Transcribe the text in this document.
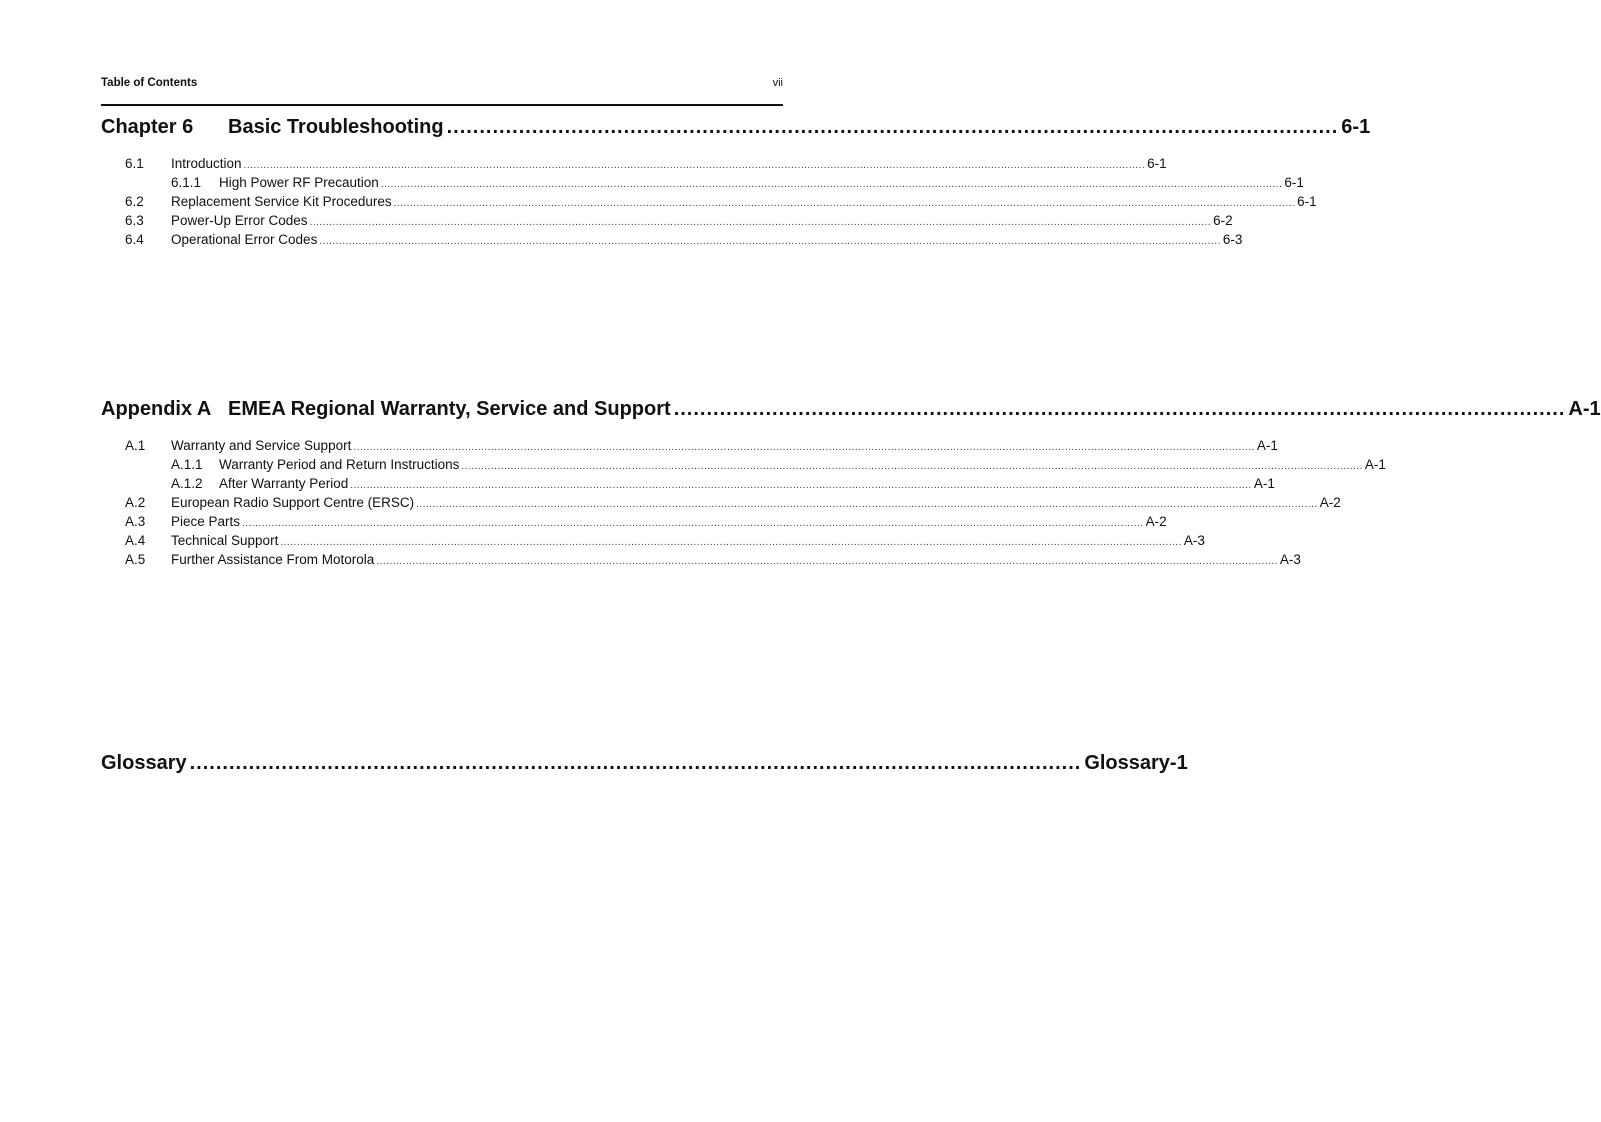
Table of Contents	vii
Chapter 6	Basic Troubleshooting ........................................................................................................................................ 6-1
6.1	Introduction ................................................................................................................................................................................................................................................................................... 6-1
6.1.1	High Power RF Precaution ................................................................................................................................................................................................................................................................................... 6-1
6.2	Replacement Service Kit Procedures ................................................................................................................................................................................................................................................................................... 6-1
6.3	Power-Up Error Codes ................................................................................................................................................................................................................................................................................... 6-2
6.4	Operational Error Codes ................................................................................................................................................................................................................................................................................... 6-3
Appendix A EMEA Regional Warranty, Service and Support ........................................................................................................................................ A-1
A.1	Warranty and Service Support ................................................................................................................................................................................................................................................................................... A-1
A.1.1	Warranty Period and Return Instructions ................................................................................................................................................................................................................................................................................... A-1
A.1.2	After Warranty Period ................................................................................................................................................................................................................................................................................... A-1
A.2	European Radio Support Centre (ERSC) ................................................................................................................................................................................................................................................................................... A-2
A.3	Piece Parts ................................................................................................................................................................................................................................................................................... A-2
A.4	Technical Support ................................................................................................................................................................................................................................................................................... A-3
A.5	Further Assistance From Motorola ................................................................................................................................................................................................................................................................................... A-3
Glossary ........................................................................................................................................ Glossary-1
